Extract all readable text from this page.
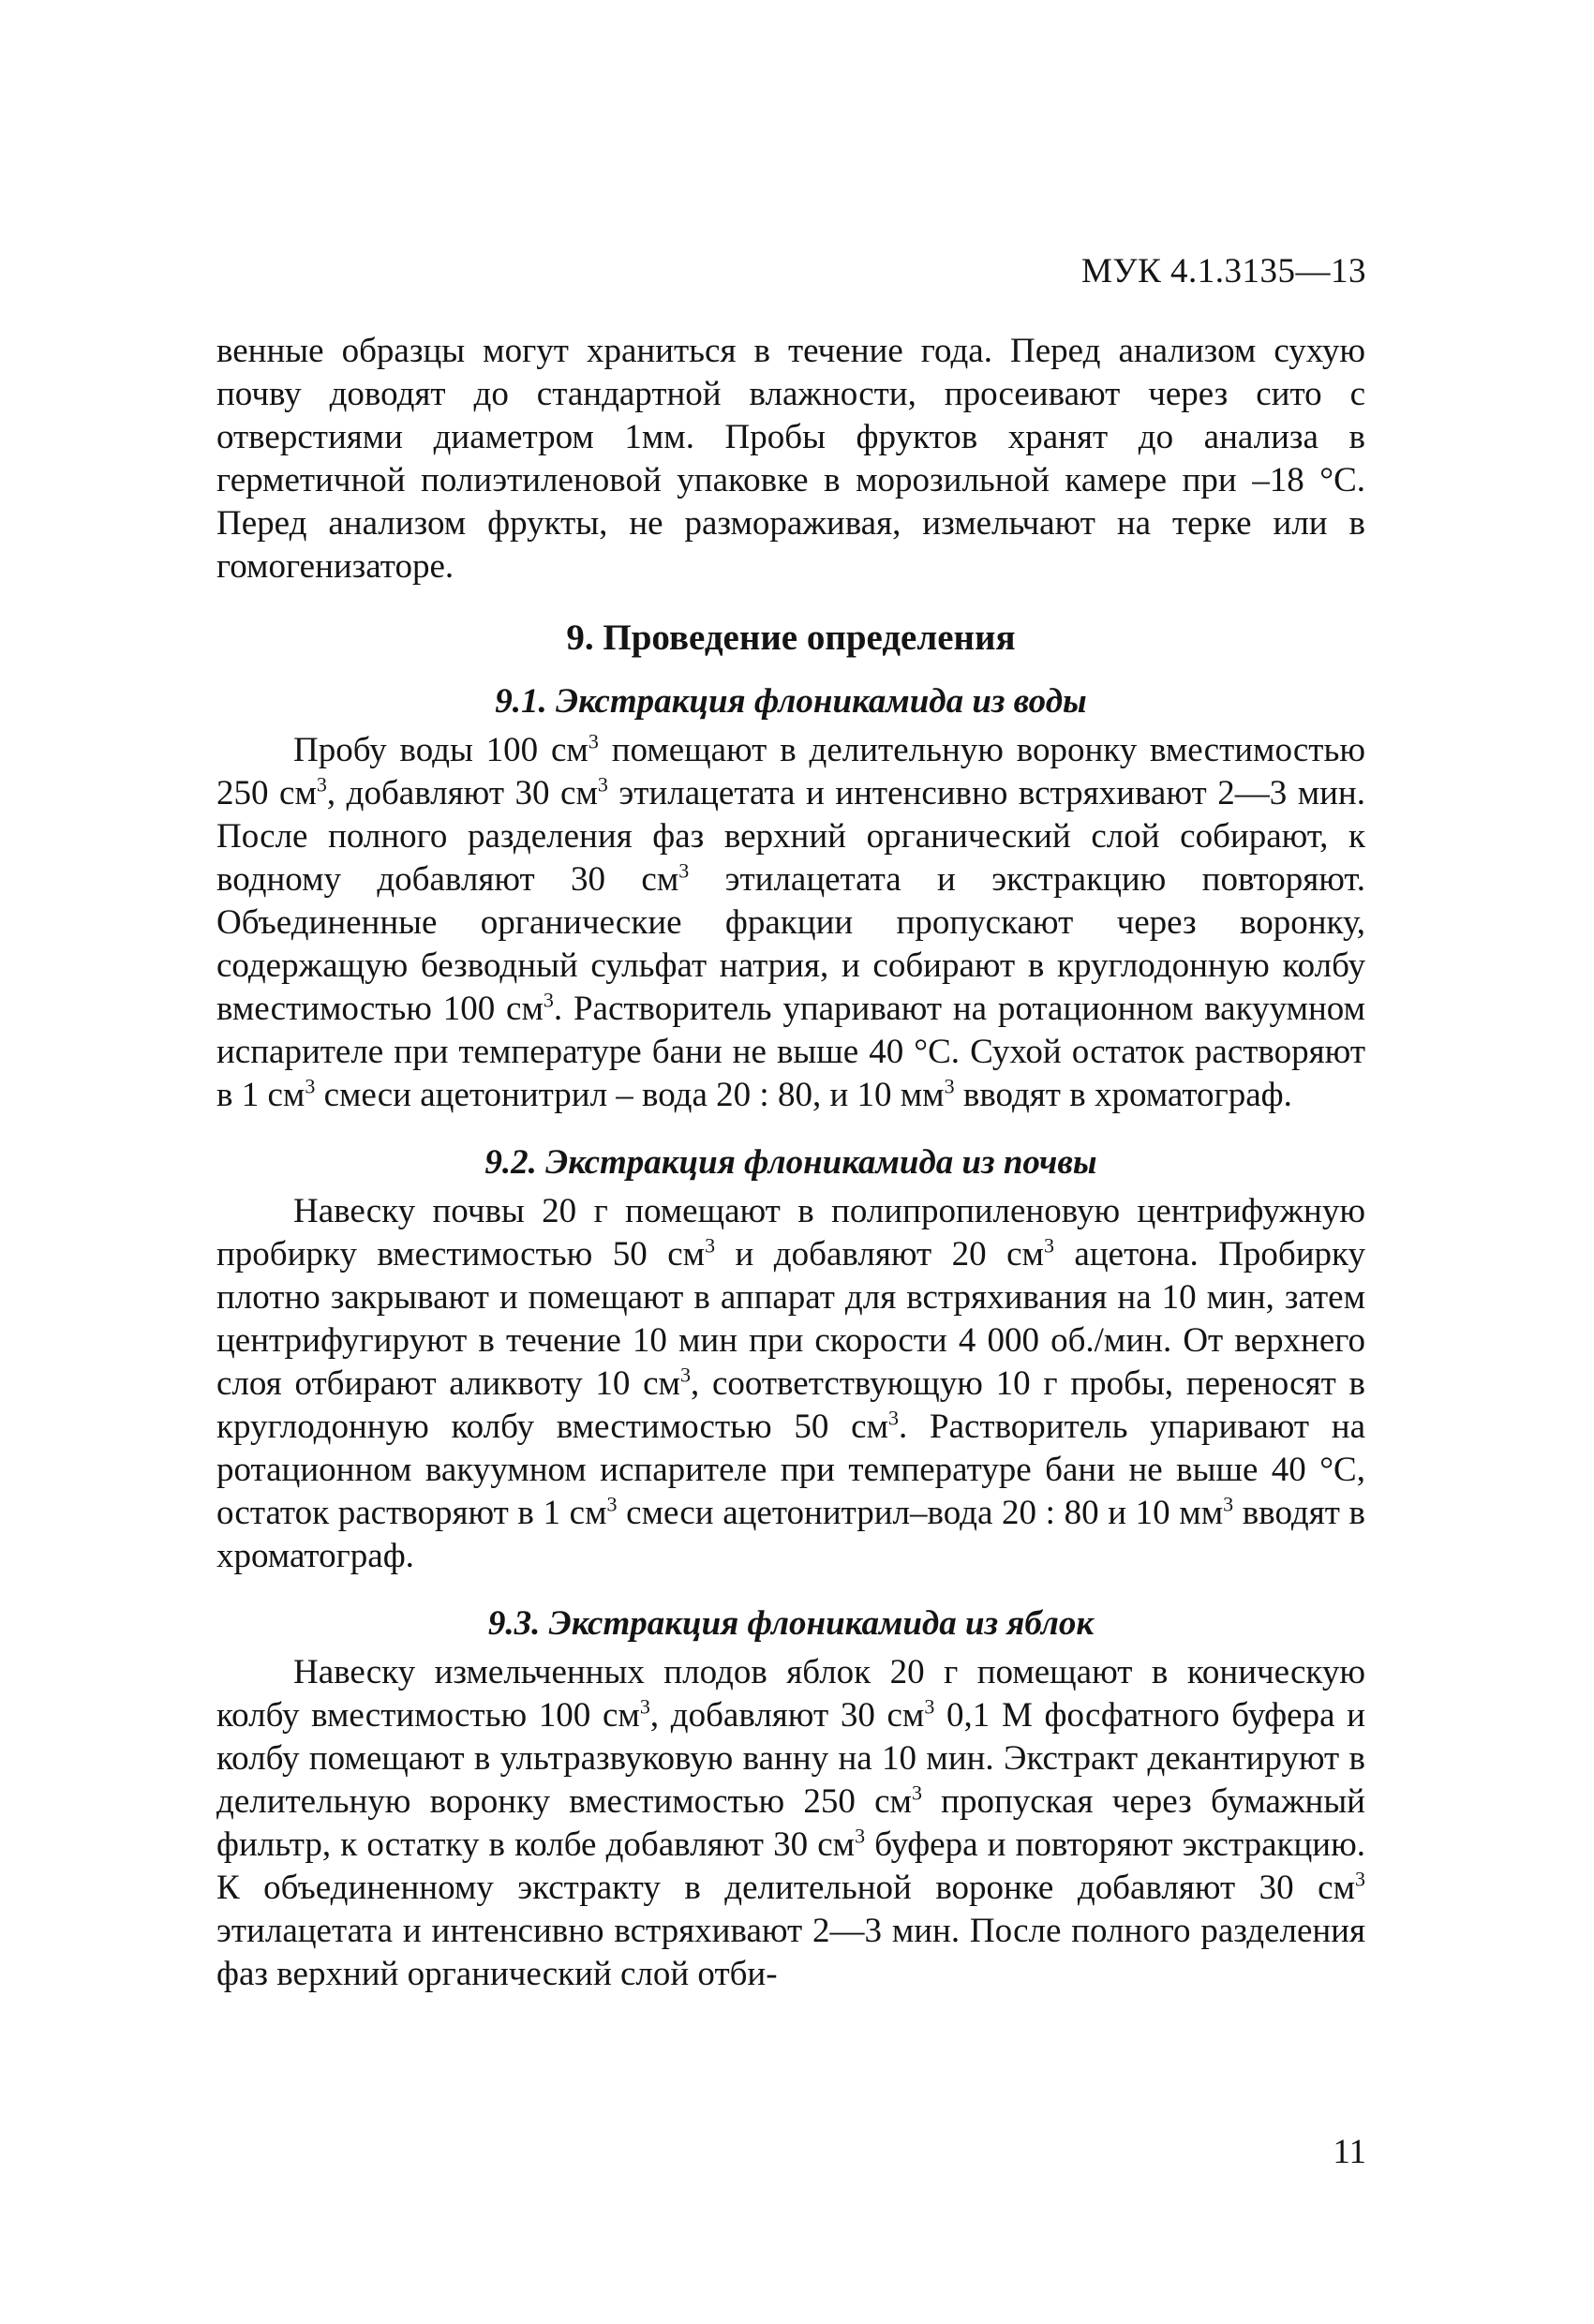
МУК 4.1.3135—13

венные образцы могут храниться в течение года. Перед анализом сухую почву доводят до стандартной влажности, просеивают через сито с отверстиями диаметром 1мм. Пробы фруктов хранят до анализа в герметичной полиэтиленовой упаковке в морозильной камере при –18 °С. Перед анализом фрукты, не размораживая, измельчают на терке или в гомогенизаторе.

9. Проведение определения
9.1. Экстракция флоникамида из воды

Пробу воды 100 $см^3$ помещают в делительную воронку вместимостью 250 $см^3$, добавляют 30 $см^3$ этилацетата и интенсивно встряхивают 2—3 мин. После полного разделения фаз верхний органический слой собирают, к водному добавляют 30 $см^3$ этилацетата и экстракцию повторяют. Объединенные органические фракции пропускают через воронку, содержащую безводный сульфат натрия, и собирают в круглодонную колбу вместимостью 100 $см^3$. Растворитель упаривают на ротационном вакуумном испарителе при температуре бани не выше 40 °С. Сухой остаток растворяют в 1 $см^3$ смеси ацетонитрил – вода 20 : 80, и 10 $мм^3$ вводят в хроматограф.

9.2. Экстракция флоникамида из почвы

Навеску почвы 20 г помещают в полипропиленовую центрифужную пробирку вместимостью 50 $см^3$ и добавляют 20 $см^3$ ацетона. Пробирку плотно закрывают и помещают в аппарат для встряхивания на 10 мин, затем центрифугируют в течение 10 мин при скорости 4 000 об./мин. От верхнего слоя отбирают аликвоту 10 $см^3$, соответствующую 10 г пробы, переносят в круглодонную колбу вместимостью 50 $см^3$. Растворитель упаривают на ротационном вакуумном испарителе при температуре бани не выше 40 °С, остаток растворяют в 1 $см^3$ смеси ацетонитрил–вода 20 : 80 и 10 $мм^3$ вводят в хроматограф.

9.3. Экстракция флоникамида из яблок

Навеску измельченных плодов яблок 20 г помещают в коническую колбу вместимостью 100 $см^3$, добавляют 30 $см^3$ 0,1 М фосфатного буфера и колбу помещают в ультразвуковую ванну на 10 мин. Экстракт декантируют в делительную воронку вместимостью 250 $см^3$ пропуская через бумажный фильтр, к остатку в колбе добавляют 30 $см^3$ буфера и повторяют экстракцию. К объединенному экстракту в делительной воронке добавляют 30 $см^3$ этилацетата и интенсивно встряхивают 2—3 мин. После полного разделения фаз верхний органический слой отби-

11
